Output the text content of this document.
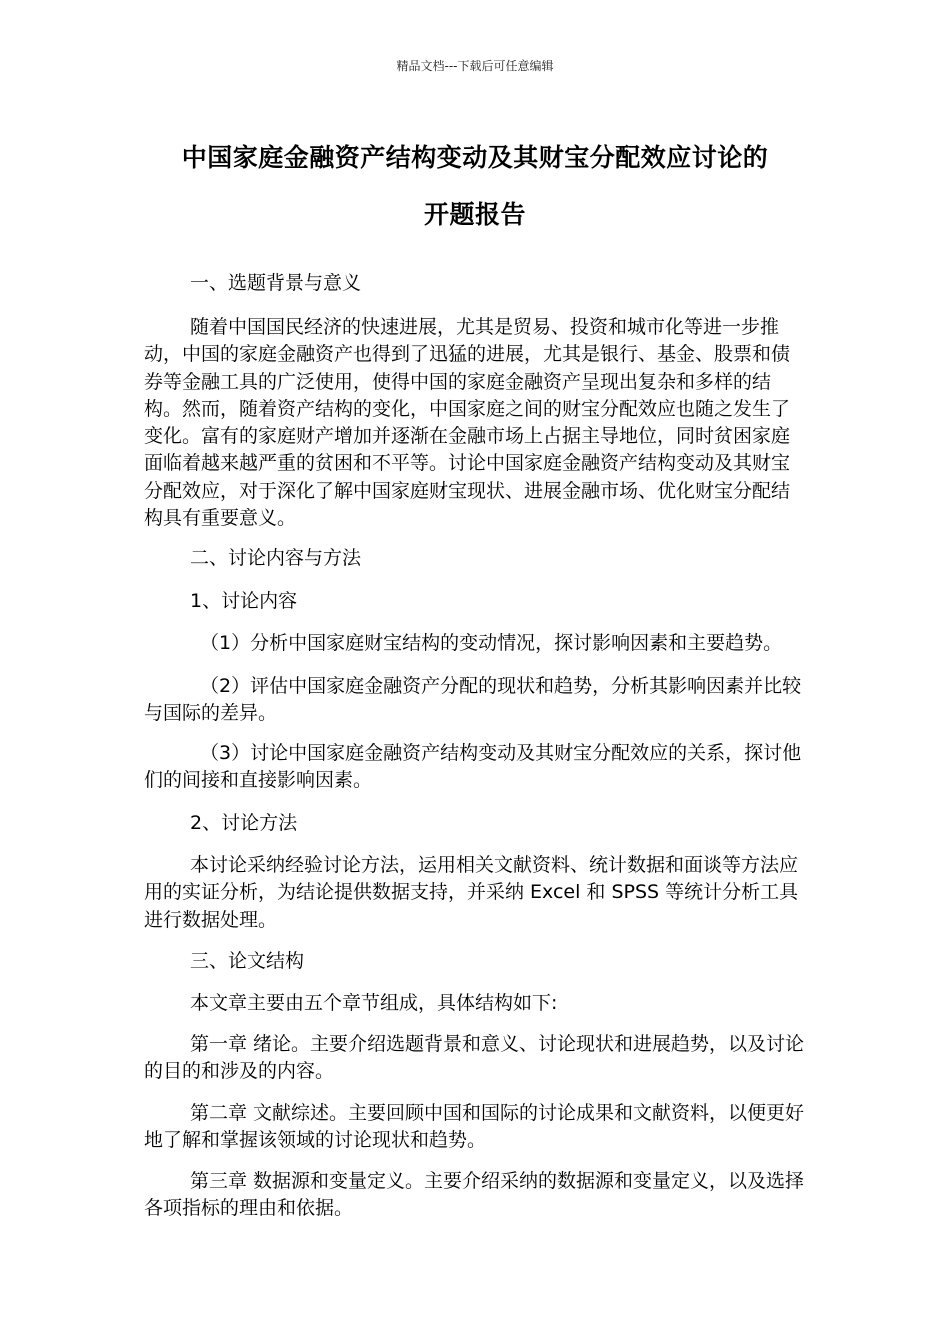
精品文档---下载后可任意编辑
中国家庭金融资产结构变动及其财宝分配效应讨论的
开题报告

一、选题背景与意义

随着中国国民经济的快速进展，尤其是贸易、投资和城市化等进一步推动，中国的家庭金融资产也得到了迅猛的进展，尤其是银行、基金、股票和债券等金融工具的广泛使用，使得中国的家庭金融资产呈现出复杂和多样的结构。然而，随着资产结构的变化，中国家庭之间的财宝分配效应也随之发生了变化。富有的家庭财产增加并逐渐在金融市场上占据主导地位，同时贫困家庭面临着越来越严重的贫困和不平等。讨论中国家庭金融资产结构变动及其财宝分配效应，对于深化了解中国家庭财宝现状、进展金融市场、优化财宝分配结构具有重要意义。

二、讨论内容与方法

1、讨论内容

（1）分析中国家庭财宝结构的变动情况，探讨影响因素和主要趋势。

（2）评估中国家庭金融资产分配的现状和趋势，分析其影响因素并比较与国际的差异。

（3）讨论中国家庭金融资产结构变动及其财宝分配效应的关系，探讨他们的间接和直接影响因素。

2、讨论方法

本讨论采纳经验讨论方法，运用相关文献资料、统计数据和面谈等方法应用的实证分析，为结论提供数据支持，并采纳 Excel 和 SPSS 等统计分析工具进行数据处理。

三、论文结构

本文章主要由五个章节组成，具体结构如下:

第一章 绪论。主要介绍选题背景和意义、讨论现状和进展趋势，以及讨论的目的和涉及的内容。

第二章 文献综述。主要回顾中国和国际的讨论成果和文献资料，以便更好地了解和掌握该领域的讨论现状和趋势。

第三章 数据源和变量定义。主要介绍采纳的数据源和变量定义，以及选择各项指标的理由和依据。
